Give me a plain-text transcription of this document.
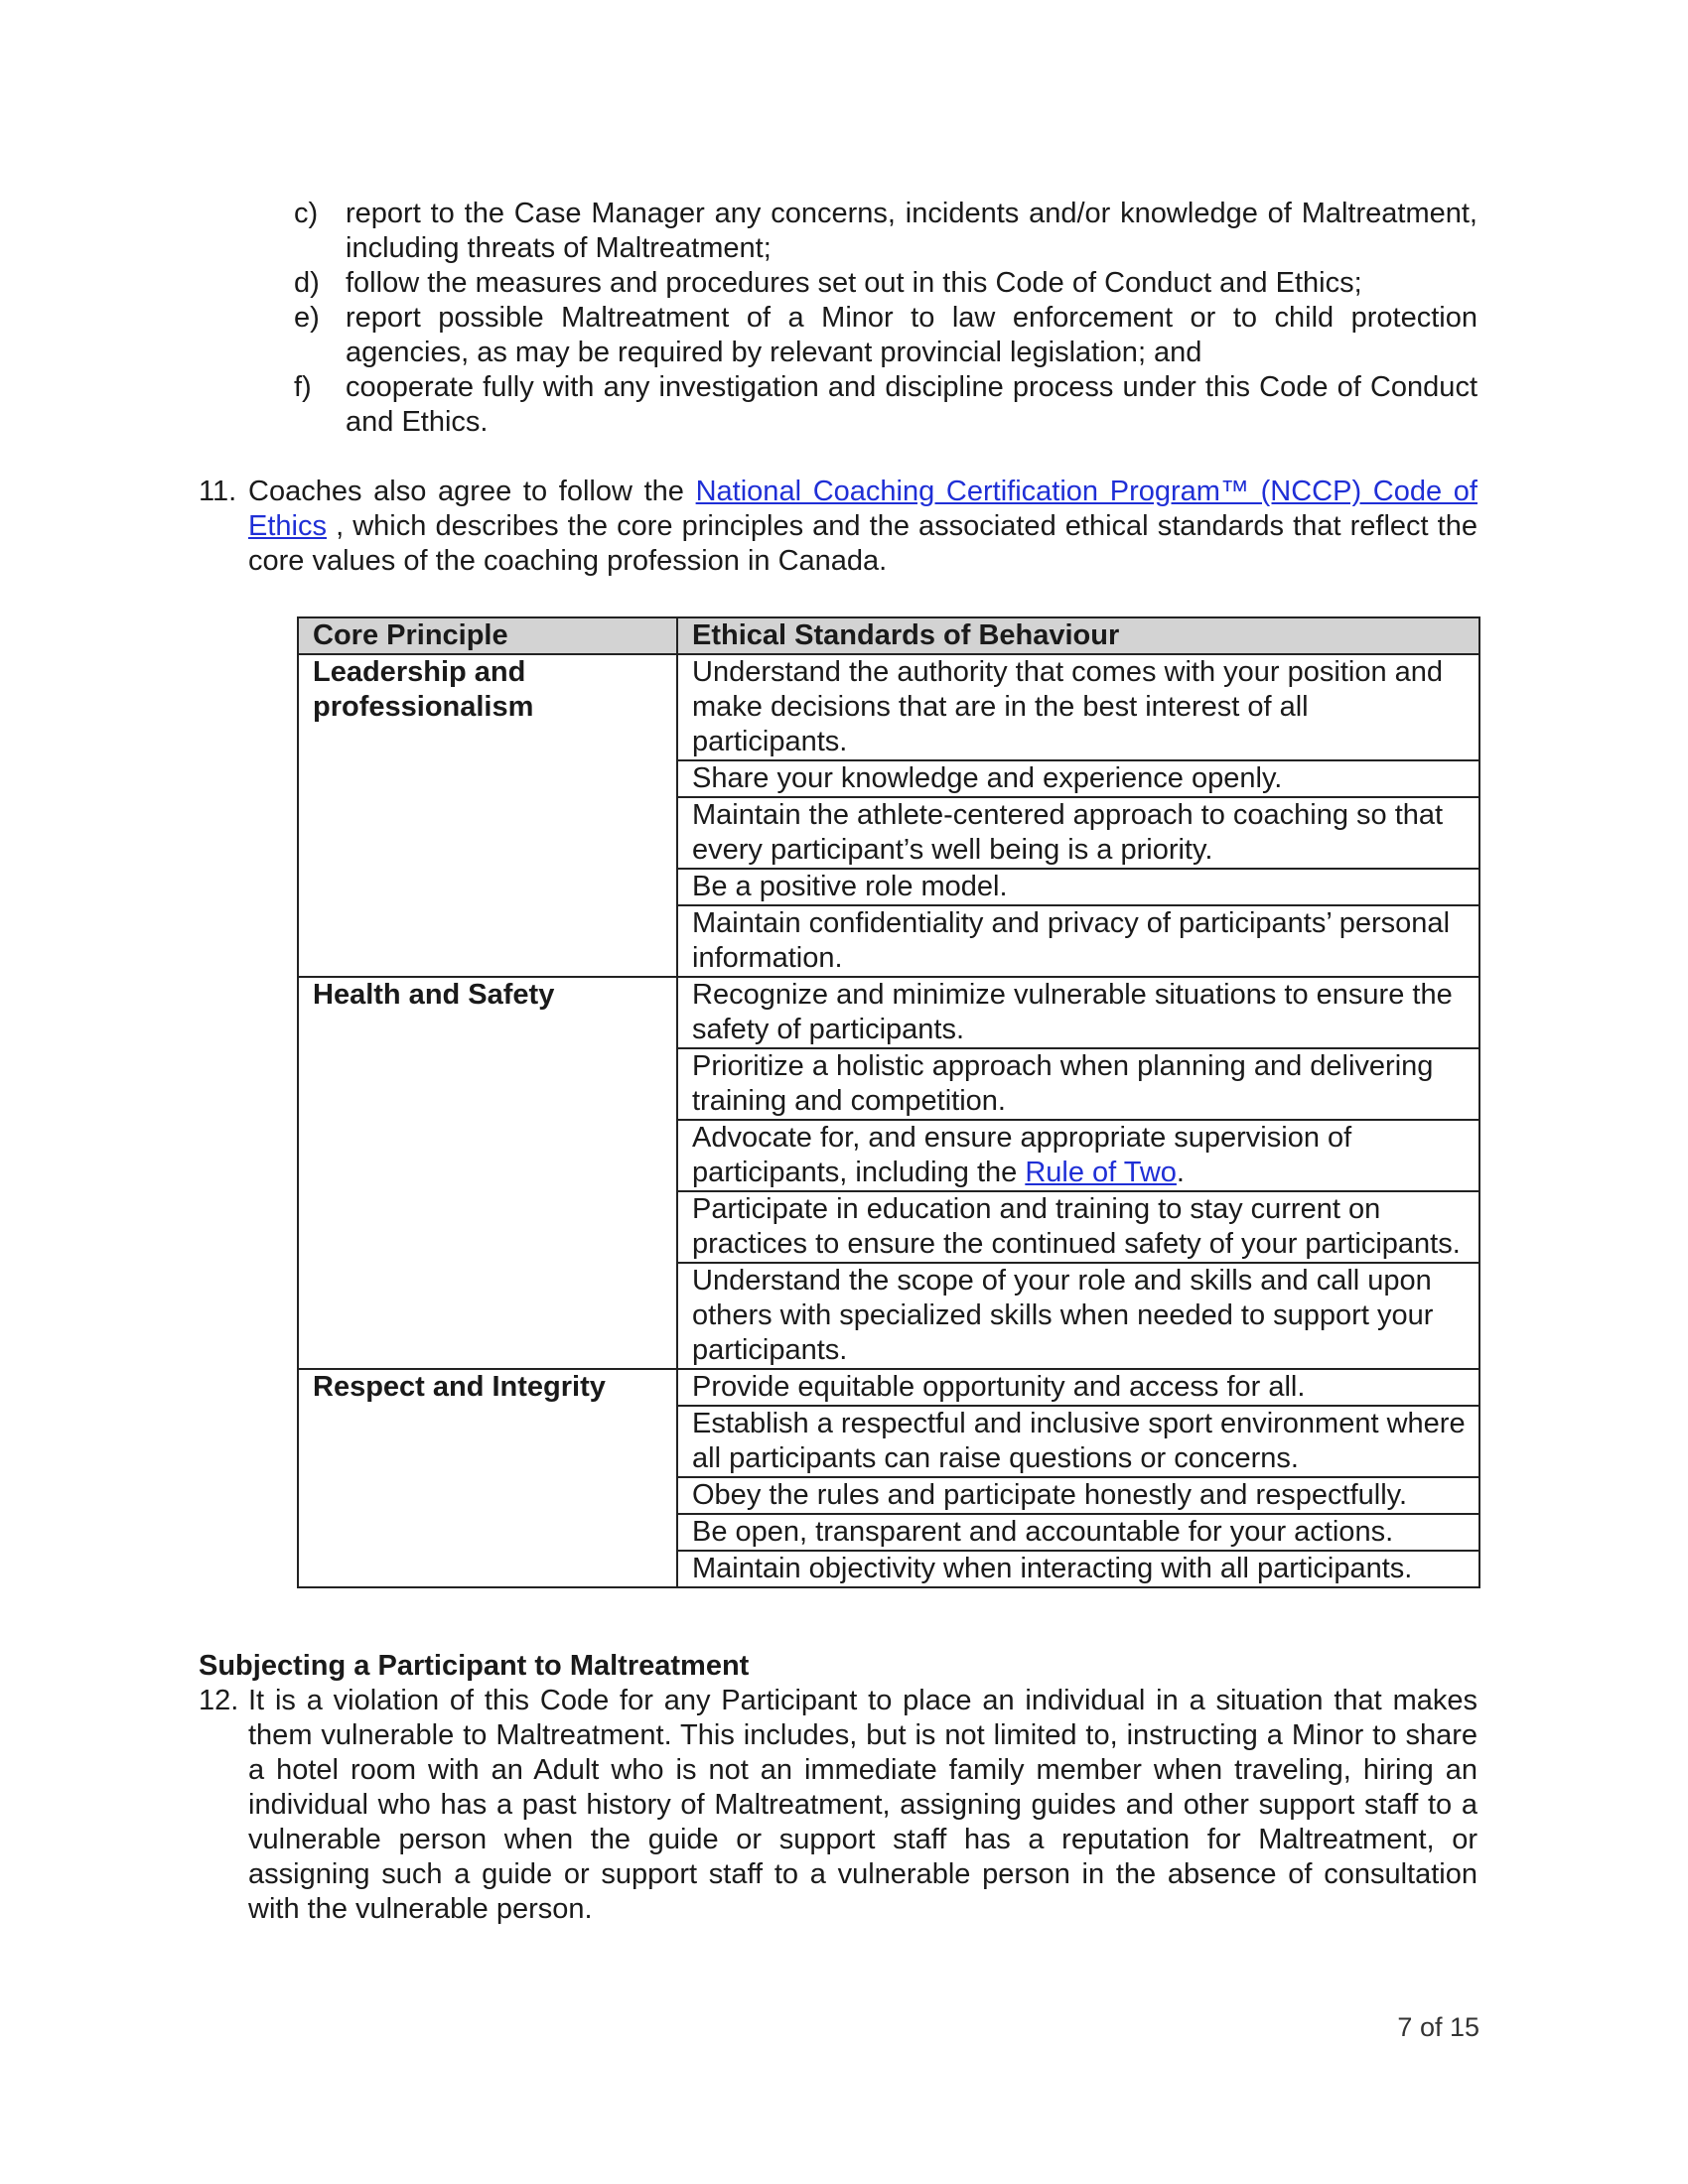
c) report to the Case Manager any concerns, incidents and/or knowledge of Maltreatment, including threats of Maltreatment;
d) follow the measures and procedures set out in this Code of Conduct and Ethics;
e) report possible Maltreatment of a Minor to law enforcement or to child protection agencies, as may be required by relevant provincial legislation; and
f) cooperate fully with any investigation and discipline process under this Code of Conduct and Ethics.
11. Coaches also agree to follow the National Coaching Certification Program™ (NCCP) Code of Ethics , which describes the core principles and the associated ethical standards that reflect the core values of the coaching profession in Canada.
Core Principle	Ethical Standards of Behaviour
Leadership and professionalism	Understand the authority that comes with your position and make decisions that are in the best interest of all participants.
	Share your knowledge and experience openly.
	Maintain the athlete-centered approach to coaching so that every participant’s well being is a priority.
	Be a positive role model.
	Maintain confidentiality and privacy of participants’ personal information.
Health and Safety	Recognize and minimize vulnerable situations to ensure the safety of participants.
	Prioritize a holistic approach when planning and delivering training and competition.
	Advocate for, and ensure appropriate supervision of participants, including the Rule of Two.
	Participate in education and training to stay current on practices to ensure the continued safety of your participants.
	Understand the scope of your role and skills and call upon others with specialized skills when needed to support your participants.
Respect and Integrity	Provide equitable opportunity and access for all.
	Establish a respectful and inclusive sport environment where all participants can raise questions or concerns.
	Obey the rules and participate honestly and respectfully.
	Be open, transparent and accountable for your actions.
	Maintain objectivity when interacting with all participants.
Subjecting a Participant to Maltreatment
12. It is a violation of this Code for any Participant to place an individual in a situation that makes them vulnerable to Maltreatment. This includes, but is not limited to, instructing a Minor to share a hotel room with an Adult who is not an immediate family member when traveling, hiring an individual who has a past history of Maltreatment, assigning guides and other support staff to a vulnerable person when the guide or support staff has a reputation for Maltreatment, or assigning such a guide or support staff to a vulnerable person in the absence of consultation with the vulnerable person.
7 of 15
